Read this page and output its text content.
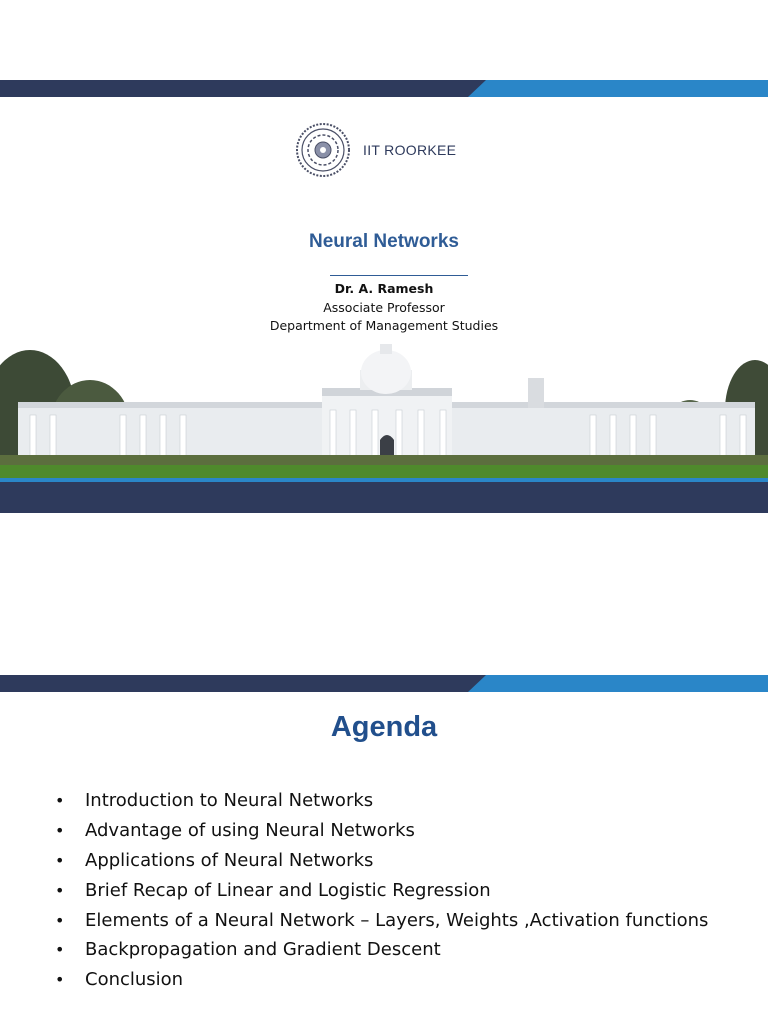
IIT ROORKEE
Neural Networks
Dr. A. Ramesh
Associate Professor
Department of Management Studies
Agenda
•	Introduction to Neural Networks
•	Advantage of using Neural Networks
•	Applications of Neural Networks
•	Brief Recap of Linear and Logistic Regression
•	Elements of a Neural Network – Layers, Weights ,Activation functions
•	Backpropagation and Gradient Descent
•	Conclusion
